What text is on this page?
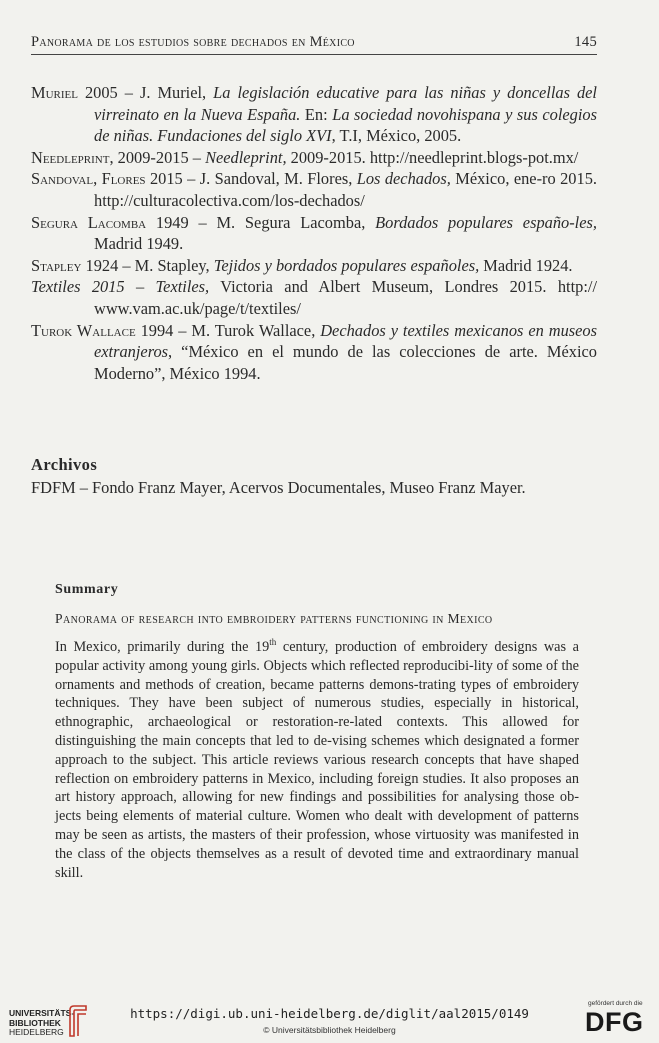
Panorama de los estudios sobre dechados en México	145
Muriel 2005 – J. Muriel, La legislación educative para las niñas y doncellas del virreinato en la Nueva España. En: La sociedad novohispana y sus colegios de niñas. Fundaciones del siglo XVI, T.I, México, 2005.
Needleprint, 2009-2015 – Needleprint, 2009-2015. http://needleprint.blogs-pot.mx/
Sandoval, Flores 2015 – J. Sandoval, M. Flores, Los dechados, México, ene-ro 2015. http://culturacolectiva.com/los-dechados/
Segura Lacomba 1949 – M. Segura Lacomba, Bordados populares españo-les, Madrid 1949.
Stapley 1924 – M. Stapley, Tejidos y bordados populares españoles, Madrid 1924.
Textiles 2015 – Textiles, Victoria and Albert Museum, Londres 2015. http:// www.vam.ac.uk/page/t/textiles/
Turok Wallace 1994 – M. Turok Wallace, Dechados y textiles mexicanos en museos extranjeros, “México en el mundo de las colecciones de arte. México Moderno”, México 1994.
Archivos
FDFM – Fondo Franz Mayer, Acervos Documentales, Museo Franz Mayer.
Summary
Panorama of research into embroidery patterns functioning in Mexico
In Mexico, primarily during the 19th century, production of embroidery designs was a popular activity among young girls. Objects which reflected reproducibi-lity of some of the ornaments and methods of creation, became patterns demons-trating types of embroidery techniques. They have been subject of numerous studies, especially in historical, ethnographic, archaeological or restoration-re-lated contexts. This allowed for distinguishing the main concepts that led to de-vising schemes which designated a former approach to the subject. This article reviews various research concepts that have shaped reflection on embroidery patterns in Mexico, including foreign studies. It also proposes an art history approach, allowing for new findings and possibilities for analysing those ob-jects being elements of material culture. Women who dealt with development of patterns may be seen as artists, the masters of their profession, whose virtuosity was manifested in the class of the objects themselves as a result of devoted time and extraordinary manual skill.
UNIVERSITÄTS-
BIBLIOTHEK
HEIDELBERG
https://digi.ub.uni-heidelberg.de/diglit/aal2015/0149
© Universitätsbibliothek Heidelberg
gefördert durch die
DFG
